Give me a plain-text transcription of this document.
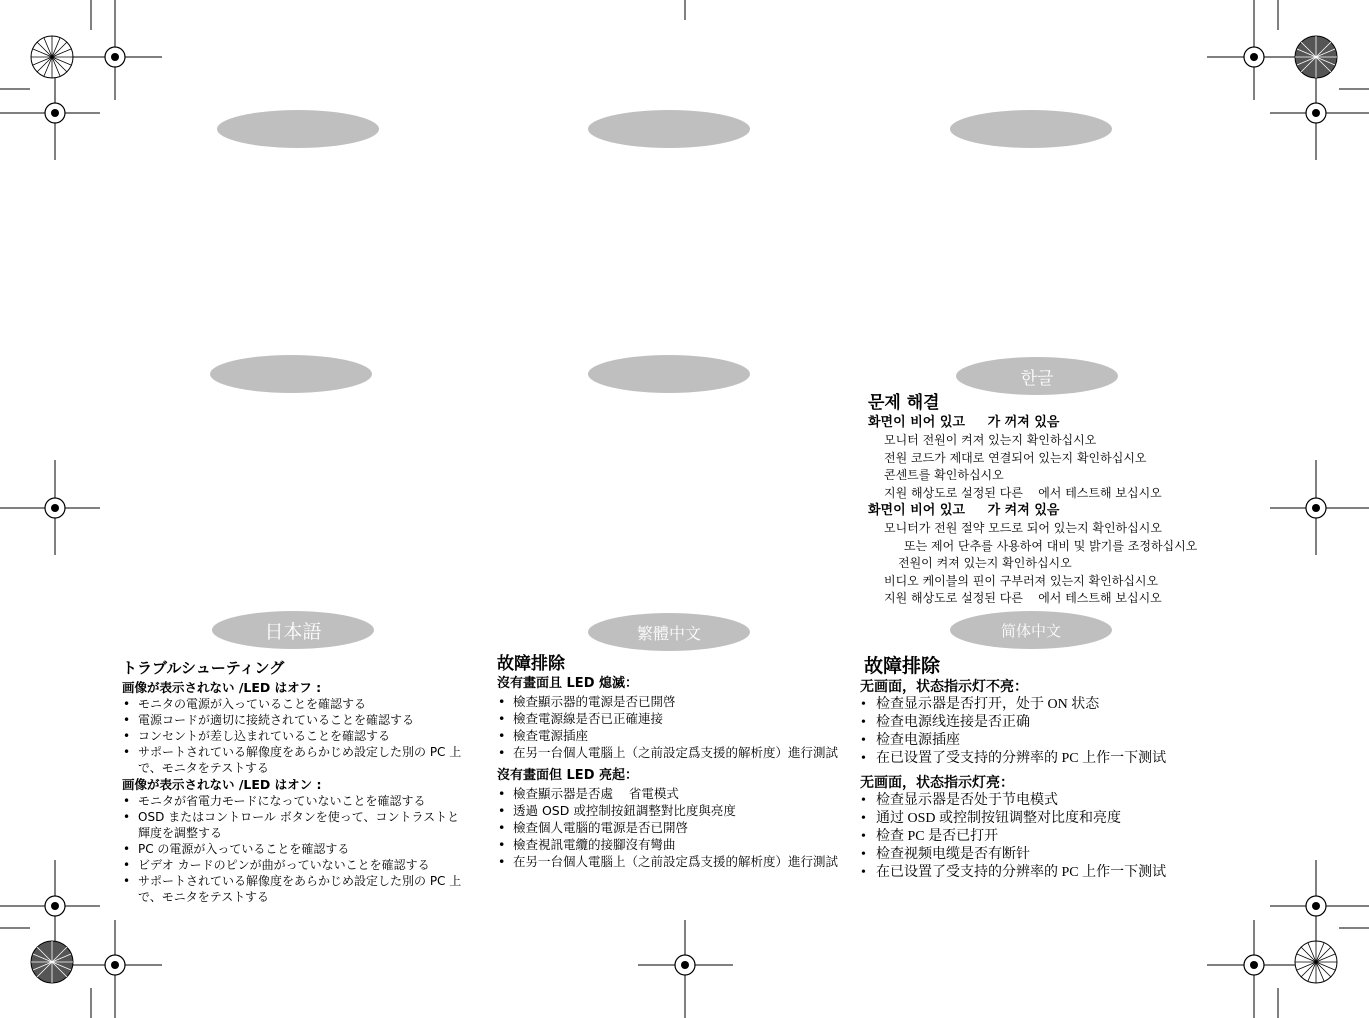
한글
日本語	繁體中文	简体中文
문제 해결
화면이 비어 있고     가 꺼져 있음
모니터 전원이 켜져 있는지 확인하십시오
전원 코드가 제대로 연결되어 있는지 확인하십시오
콘센트를 확인하십시오
지원 해상도로 설정된 다른    에서 테스트해 보십시오
화면이 비어 있고     가 켜져 있음
모니터가 전원 절약 모드로 되어 있는지 확인하십시오
또는 제어 단추를 사용하여 대비 및 밝기를 조정하십시오
전원이 켜져 있는지 확인하십시오
비디오 케이블의 핀이 구부러져 있는지 확인하십시오
지원 해상도로 설정된 다른    에서 테스트해 보십시오
トラブルシューティング
画像が表示されない /LED はオフ :
• モニタの電源が入っていることを確認する
• 電源コードが適切に接続されていることを確認する
• コンセントが差し込まれていることを確認する
• サポートされている解像度をあらかじめ設定した別の PC 上で、モニタをテストする
画像が表示されない /LED はオン :
• モニタが省電力モードになっていないことを確認する
• OSD またはコントロール ボタンを使って、コントラストと輝度を調整する
• PC の電源が入っていることを確認する
• ビデオ カードのピンが曲がっていないことを確認する
• サポートされている解像度をあらかじめ設定した別の PC 上で、モニタをテストする
故障排除
沒有畫面且 LED 熄滅：
• 檢查顯示器的電源是否已開啓
• 檢查電源線是否已正確連接
• 檢查電源插座
• 在另一台個人電腦上（之前設定爲支援的解析度）進行測試
沒有畫面但 LED 亮起：
• 檢查顯示器是否處    省電模式
• 透過 OSD 或控制按鈕調整對比度與亮度
• 檢查個人電腦的電源是否已開啓
• 檢查視訊電纜的接腳沒有彎曲
• 在另一台個人電腦上（之前設定爲支援的解析度）進行測試
故障排除
无画面，状态指示灯不亮：
• 检查显示器是否打开，处于 ON 状态
• 检查电源线连接是否正确
• 检查电源插座
• 在已设置了受支持的分辨率的 PC 上作一下测试
无画面，状态指示灯亮：
• 检查显示器是否处于节电模式
• 通过 OSD 或控制按钮调整对比度和亮度
• 检查 PC 是否已打开
• 检查视频电缆是否有断针
• 在已设置了受支持的分辨率的 PC 上作一下测试
